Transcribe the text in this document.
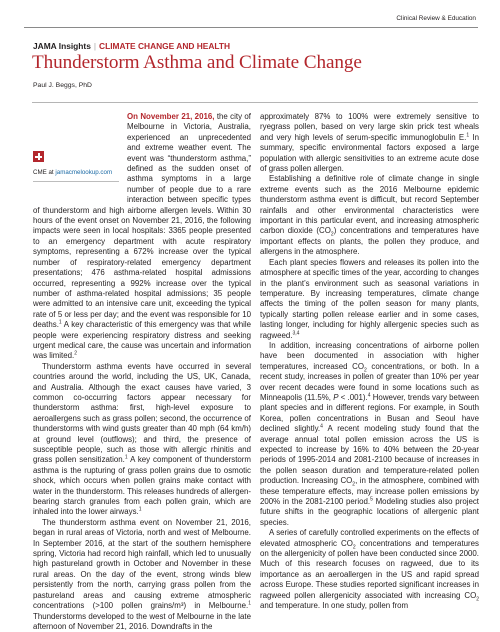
Clinical Review & Education
JAMA Insights | CLIMATE CHANGE AND HEALTH
Thunderstorm Asthma and Climate Change
Paul J. Beggs, PhD

On November 21, 2016,
CME at jamacmelookup.com
the city of Melbourne in Victoria, Australia, experienced an unprecedented and extreme weather event. The event was “thunderstorm asthma,” defined as the sudden onset of asthma symptoms in a large number of people due to a rare interaction between specific types of thunderstorm and high airborne allergen levels. Within 30 hours of the event onset on November 21, 2016, the following impacts were seen in local hospitals: 3365 people presented to an emergency department with acute respiratory symptoms, representing a 672% increase over the typical number of respiratory-related emergency department presentations; 476 asthma-related hospital admissions occurred, representing a 992% increase over the typical number of asthma-related hospital admissions; 35 people were admitted to an intensive care unit, exceeding the typical rate of 5 or less per day; and the event was responsible for 10 deaths.$^1$ A key characteristic of this emergency was that while people were experiencing respiratory distress and seeking urgent medical care, the cause was uncertain and information was limited.$^2$

Thunderstorm asthma events have occurred in several countries around the world, including the US, UK, Canada, and Australia. Although the exact causes have varied, 3 common co-occurring factors appear necessary for thunderstorm asthma: first, high-level exposure to aeroallergens such as grass pollen; second, the occurrence of thunderstorms with wind gusts greater than 40 mph (64 km/h) at ground level (outflows); and third, the presence of susceptible people, such as those with allergic rhinitis and grass pollen sensitization.$^1$ A key component of thunderstorm asthma is the rupturing of grass pollen grains due to osmotic shock, which occurs when pollen grains make contact with water in the thunderstorm. This releases hundreds of allergen-bearing starch granules from each pollen grain, which are inhaled into the lower airways.$^1$

The thunderstorm asthma event on November 21, 2016, began in rural areas of Victoria, north and west of Melbourne. In September 2016, at the start of the southern hemisphere spring, Victoria had record high rainfall, which led to unusually high pastureland growth in October and November in these rural areas. On the day of the event, strong winds blew persistently from the north, carrying grass pollen from the pastureland areas and causing extreme atmospheric concentrations (>100 pollen grains/m³) in Melbourne.$^1$ Thunderstorms developed to the west of Melbourne in the late afternoon of November 21, 2016. Downdrafts in the

approximately 87% to 100% were extremely sensitive to ryegrass pollen, based on very large skin prick test wheals and very high levels of serum-specific immunoglobulin E.$^1$ In summary, specific environmental factors exposed a large population with allergic sensitivities to an extreme acute dose of grass pollen allergen.

Establishing a definitive role of climate change in single extreme events such as the 2016 Melbourne epidemic thunderstorm asthma event is difficult, but record September rainfalls and other environmental characteristics were important in this particular event, and increasing atmospheric carbon dioxide $(CO_2)$ concentrations and temperatures have important effects on plants, the pollen they produce, and allergens in the atmosphere.

Each plant species flowers and releases its pollen into the atmosphere at specific times of the year, according to changes in the plant’s environment such as seasonal variations in temperature. By increasing temperatures, climate change affects the timing of the pollen season for many plants, typically starting pollen release earlier and in some cases, lasting longer, including for highly allergenic species such as ragweed.$^{3,4}$

In addition, increasing concentrations of airborne pollen have been documented in association with higher temperatures, increased $CO_2$ concentrations, or both. In a recent study, increases in pollen of greater than 10% per year over recent decades were found in some locations such as Minneapolis (11.5%, P < .001).$^4$ However, trends vary between plant species and in different regions. For example, in South Korea, pollen concentrations in Busan and Seoul have declined slightly.$^4$ A recent modeling study found that the average annual total pollen emission across the US is expected to increase by 16% to 40% between the 20-year periods of 1995-2014 and 2081-2100 because of increases in the pollen season duration and temperature-related pollen production. Increasing $CO_2$, in the atmosphere, combined with these temperature effects, may increase pollen emissions by 200% in the 2081-2100 period.$^5$ Modeling studies also project future shifts in the geographic locations of allergenic plant species.

A series of carefully controlled experiments on the effects of elevated atmospheric $CO_2$ concentrations and temperatures on the allergenicity of pollen have been conducted since 2000. Much of this research focuses on ragweed, due to its importance as an aeroallergen in the US and rapid spread across Europe. These studies reported significant increases in ragweed pollen allergenicity associated with increasing $CO_2$ and temperature. In one study, pollen from
